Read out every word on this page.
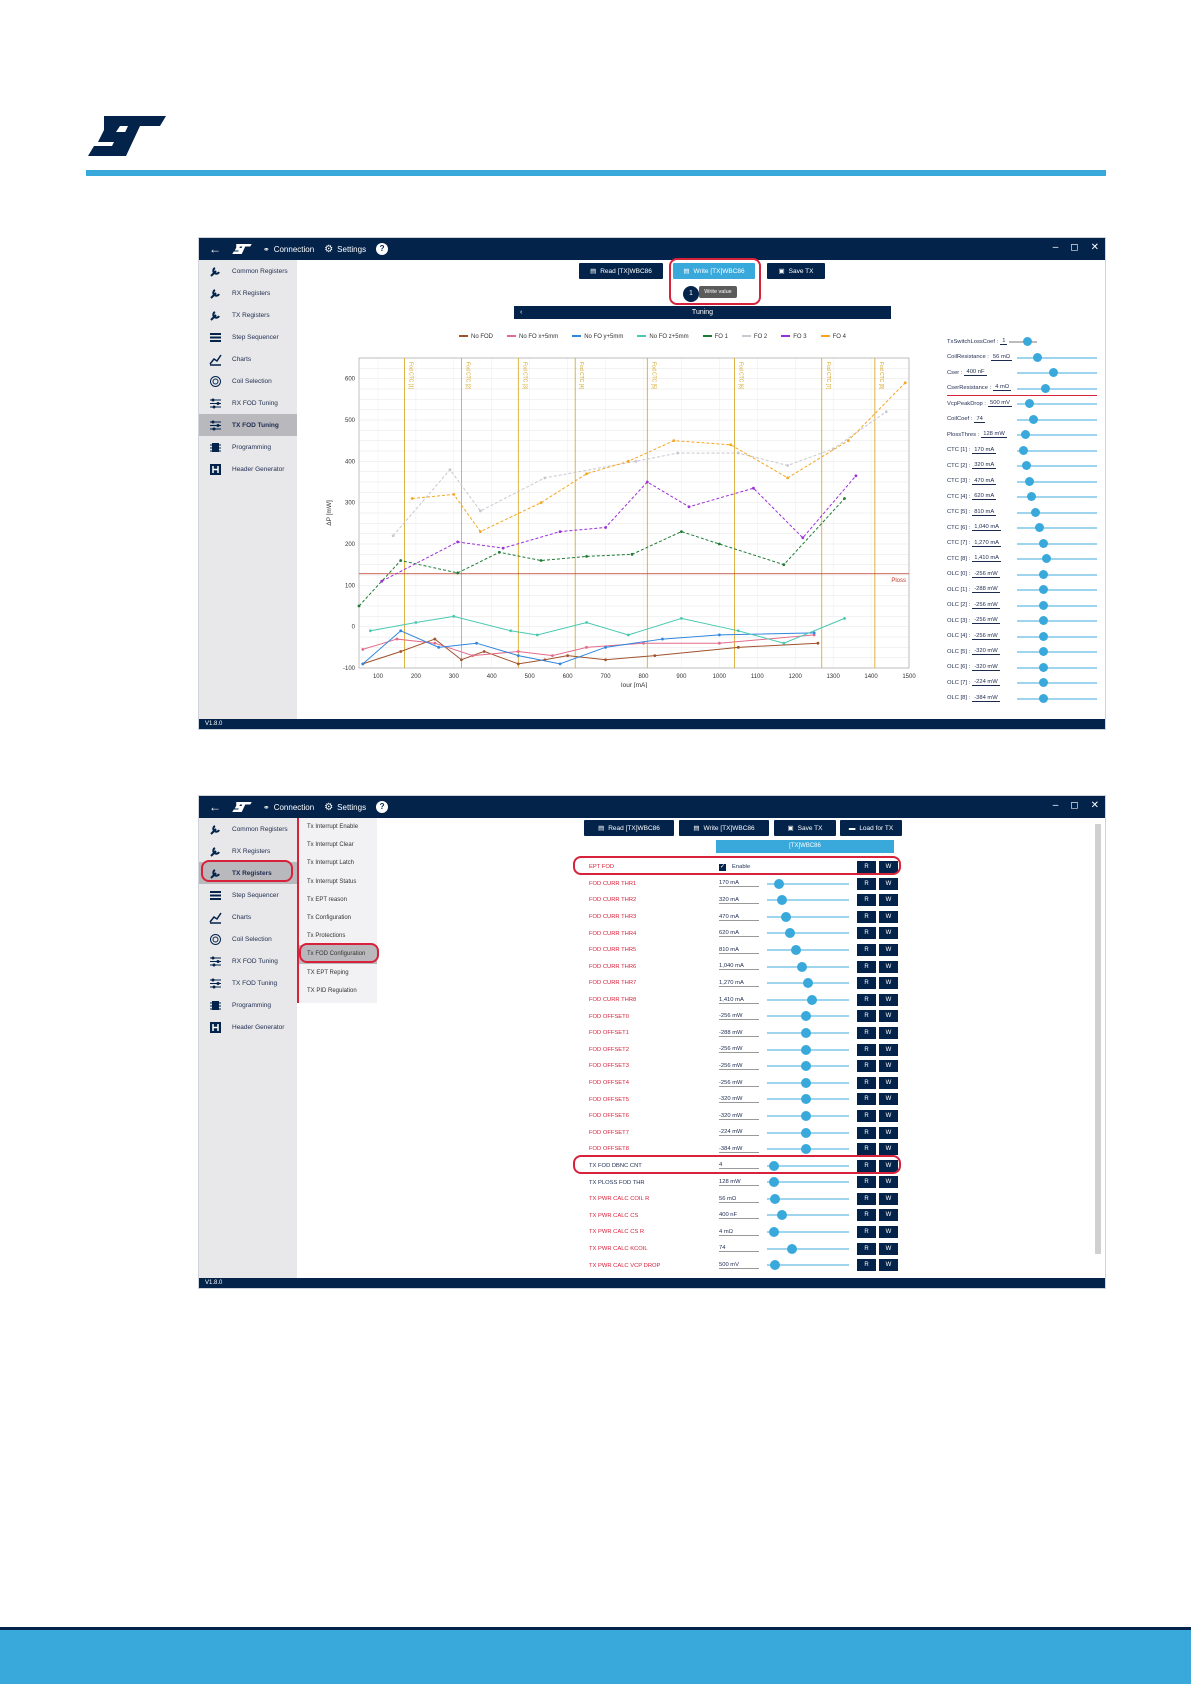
←	⚭ Connection ⚙ Settings	?	– ◻ ✕
Common Registers
RX Registers
TX Registers
Step Sequencer
Charts
Coil Selection
RX FOD Tuning
TX FOD Tuning
Programming
Header Generator
▤ Read [TX]WBC86	▤ Write [TX]WBC86	▣ Save TX
1	Write value
‹	Tuning
No FOD	No FO x+5mm	No FO y+5mm	No FO z+5mm	FO 1	FO 2	FO 3	FO 4
100	200	300	400	500	600	700	800	900	1000	1100	1200	1300	1400	1500
-100
0
100
200
300
400
500
600	Fod CTC [1]	Fod CTC [2]	Fod CTC [3]	Fod CTC [4]	Fod CTC [5]	Fod CTC [6]	Fod CTC [7]	Fod CTC [8]
Ploss
Iour [mA]
ΔP [mW]
TxSwitchLossCoef : 1
CoilResistance : 56 mΩ
Cser : 400 nF
CserResistance : 4 mΩ
VcpPeakDrop : 500 mV
CoilCoef : 74
PlossThres : 128 mW
CTC [1] : 170 mA
CTC [2] : 320 mA
CTC [3] : 470 mA
CTC [4] : 620 mA
CTC [5] : 810 mA
CTC [6] : 1,040 mA
CTC [7] : 1,270 mA
CTC [8] : 1,410 mA
OLC [0] : -256 mW
OLC [1] : -288 mW
OLC [2] : -256 mW
OLC [3] : -256 mW
OLC [4] : -256 mW
OLC [5] : -320 mW
OLC [6] : -320 mW
OLC [7] : -224 mW
OLC [8] : -384 mW
V1.8.0
←	⚭ Connection ⚙ Settings	?	– ◻ ✕
Common Registers
RX Registers
TX Registers
Step Sequencer
Charts
Coil Selection
RX FOD Tuning
TX FOD Tuning
Programming
Header Generator
Tx Interrupt Enable
Tx Interrupt Clear
Tx Interrupt Latch
Tx Interrupt Status
Tx EPT reason
Tx Configuration
Tx Protections
Tx FOD Configuration
TX EPT Reping
TX PID Regulation
▤ Read [TX]WBC86	▤ Write [TX]WBC86	▣ Save TX	▬ Load for TX
[TX]WBC86
EPT FOD	✓ Enable	R	W
FOD CURR THR1	170 mA	R	W
FOD CURR THR2	320 mA	R	W
FOD CURR THR3	470 mA	R	W
FOD CURR THR4	620 mA	R	W
FOD CURR THR5	810 mA	R	W
FOD CURR THR6	1,040 mA	R	W
FOD CURR THR7	1,270 mA	R	W
FOD CURR THR8	1,410 mA	R	W
FOD OFFSET0	-256 mW	R	W
FOD OFFSET1	-288 mW	R	W
FOD OFFSET2	-256 mW	R	W
FOD OFFSET3	-256 mW	R	W
FOD OFFSET4	-256 mW	R	W
FOD OFFSET5	-320 mW	R	W
FOD OFFSET6	-320 mW	R	W
FOD OFFSET7	-224 mW	R	W
FOD OFFSET8	-384 mW	R	W
TX FOD DBNC CNT	4	R	W
TX PLOSS FOD THR	128 mW	R	W
TX PWR CALC COIL R	56 mΩ	R	W
TX PWR CALC CS	400 nF	R	W
TX PWR CALC CS R	4 mΩ	R	W
TX PWR CALC KCOIL	74	R	W
TX PWR CALC VCP DROP	500 mV	R	W
V1.8.0
